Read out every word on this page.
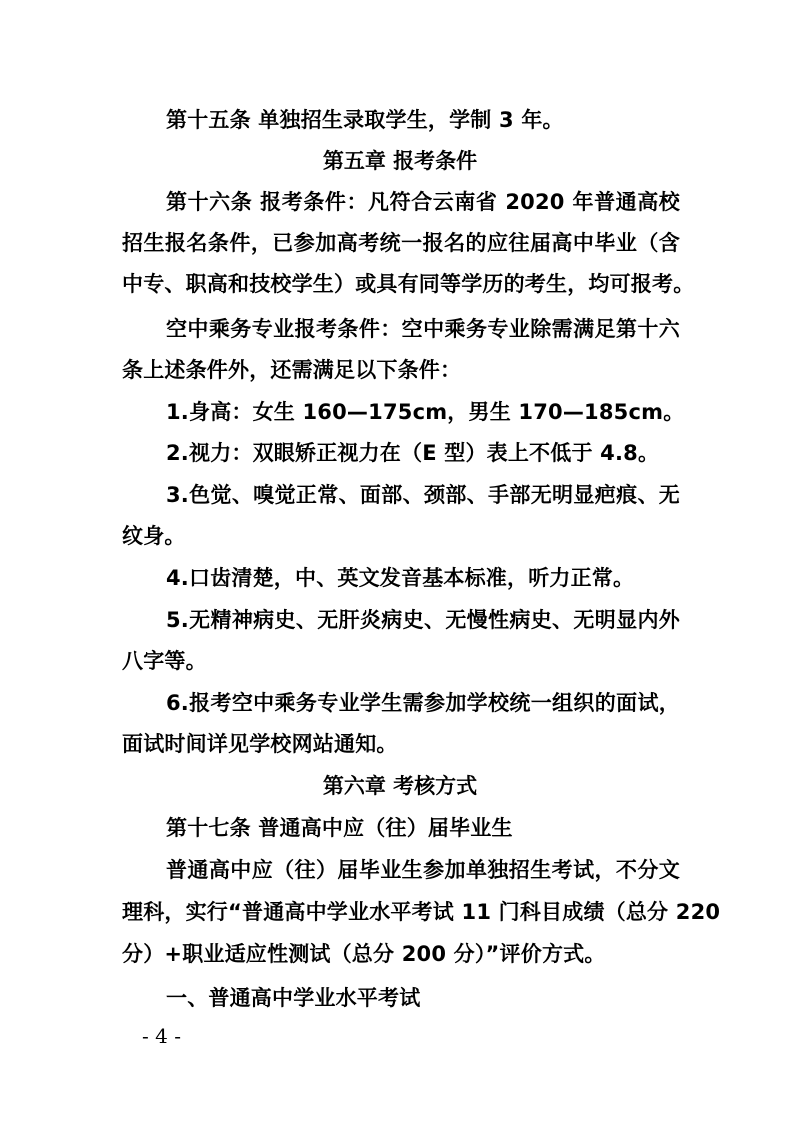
第十五条 单独招生录取学生，学制 3 年。
第五章 报考条件
第十六条 报考条件：凡符合云南省 2020 年普通高校
招生报名条件，已参加高考统一报名的应往届高中毕业（含
中专、职高和技校学生）或具有同等学历的考生，均可报考。
空中乘务专业报考条件：空中乘务专业除需满足第十六
条上述条件外，还需满足以下条件：
1.身高：女生 160—175cm，男生 170—185cm。
2.视力：双眼矫正视力在（E 型）表上不低于 4.8。
3.色觉、嗅觉正常、面部、颈部、手部无明显疤痕、无
纹身。
4.口齿清楚，中、英文发音基本标准，听力正常。
5.无精神病史、无肝炎病史、无慢性病史、无明显内外
八字等。
6.报考空中乘务专业学生需参加学校统一组织的面试，
面试时间详见学校网站通知。
第六章 考核方式
第十七条 普通高中应（往）届毕业生
普通高中应（往）届毕业生参加单独招生考试，不分文
理科，实行“普通高中学业水平考试 11 门科目成绩（总分 220
分）+职业适应性测试（总分 200 分）”评价方式。
一、普通高中学业水平考试
- 4 -
